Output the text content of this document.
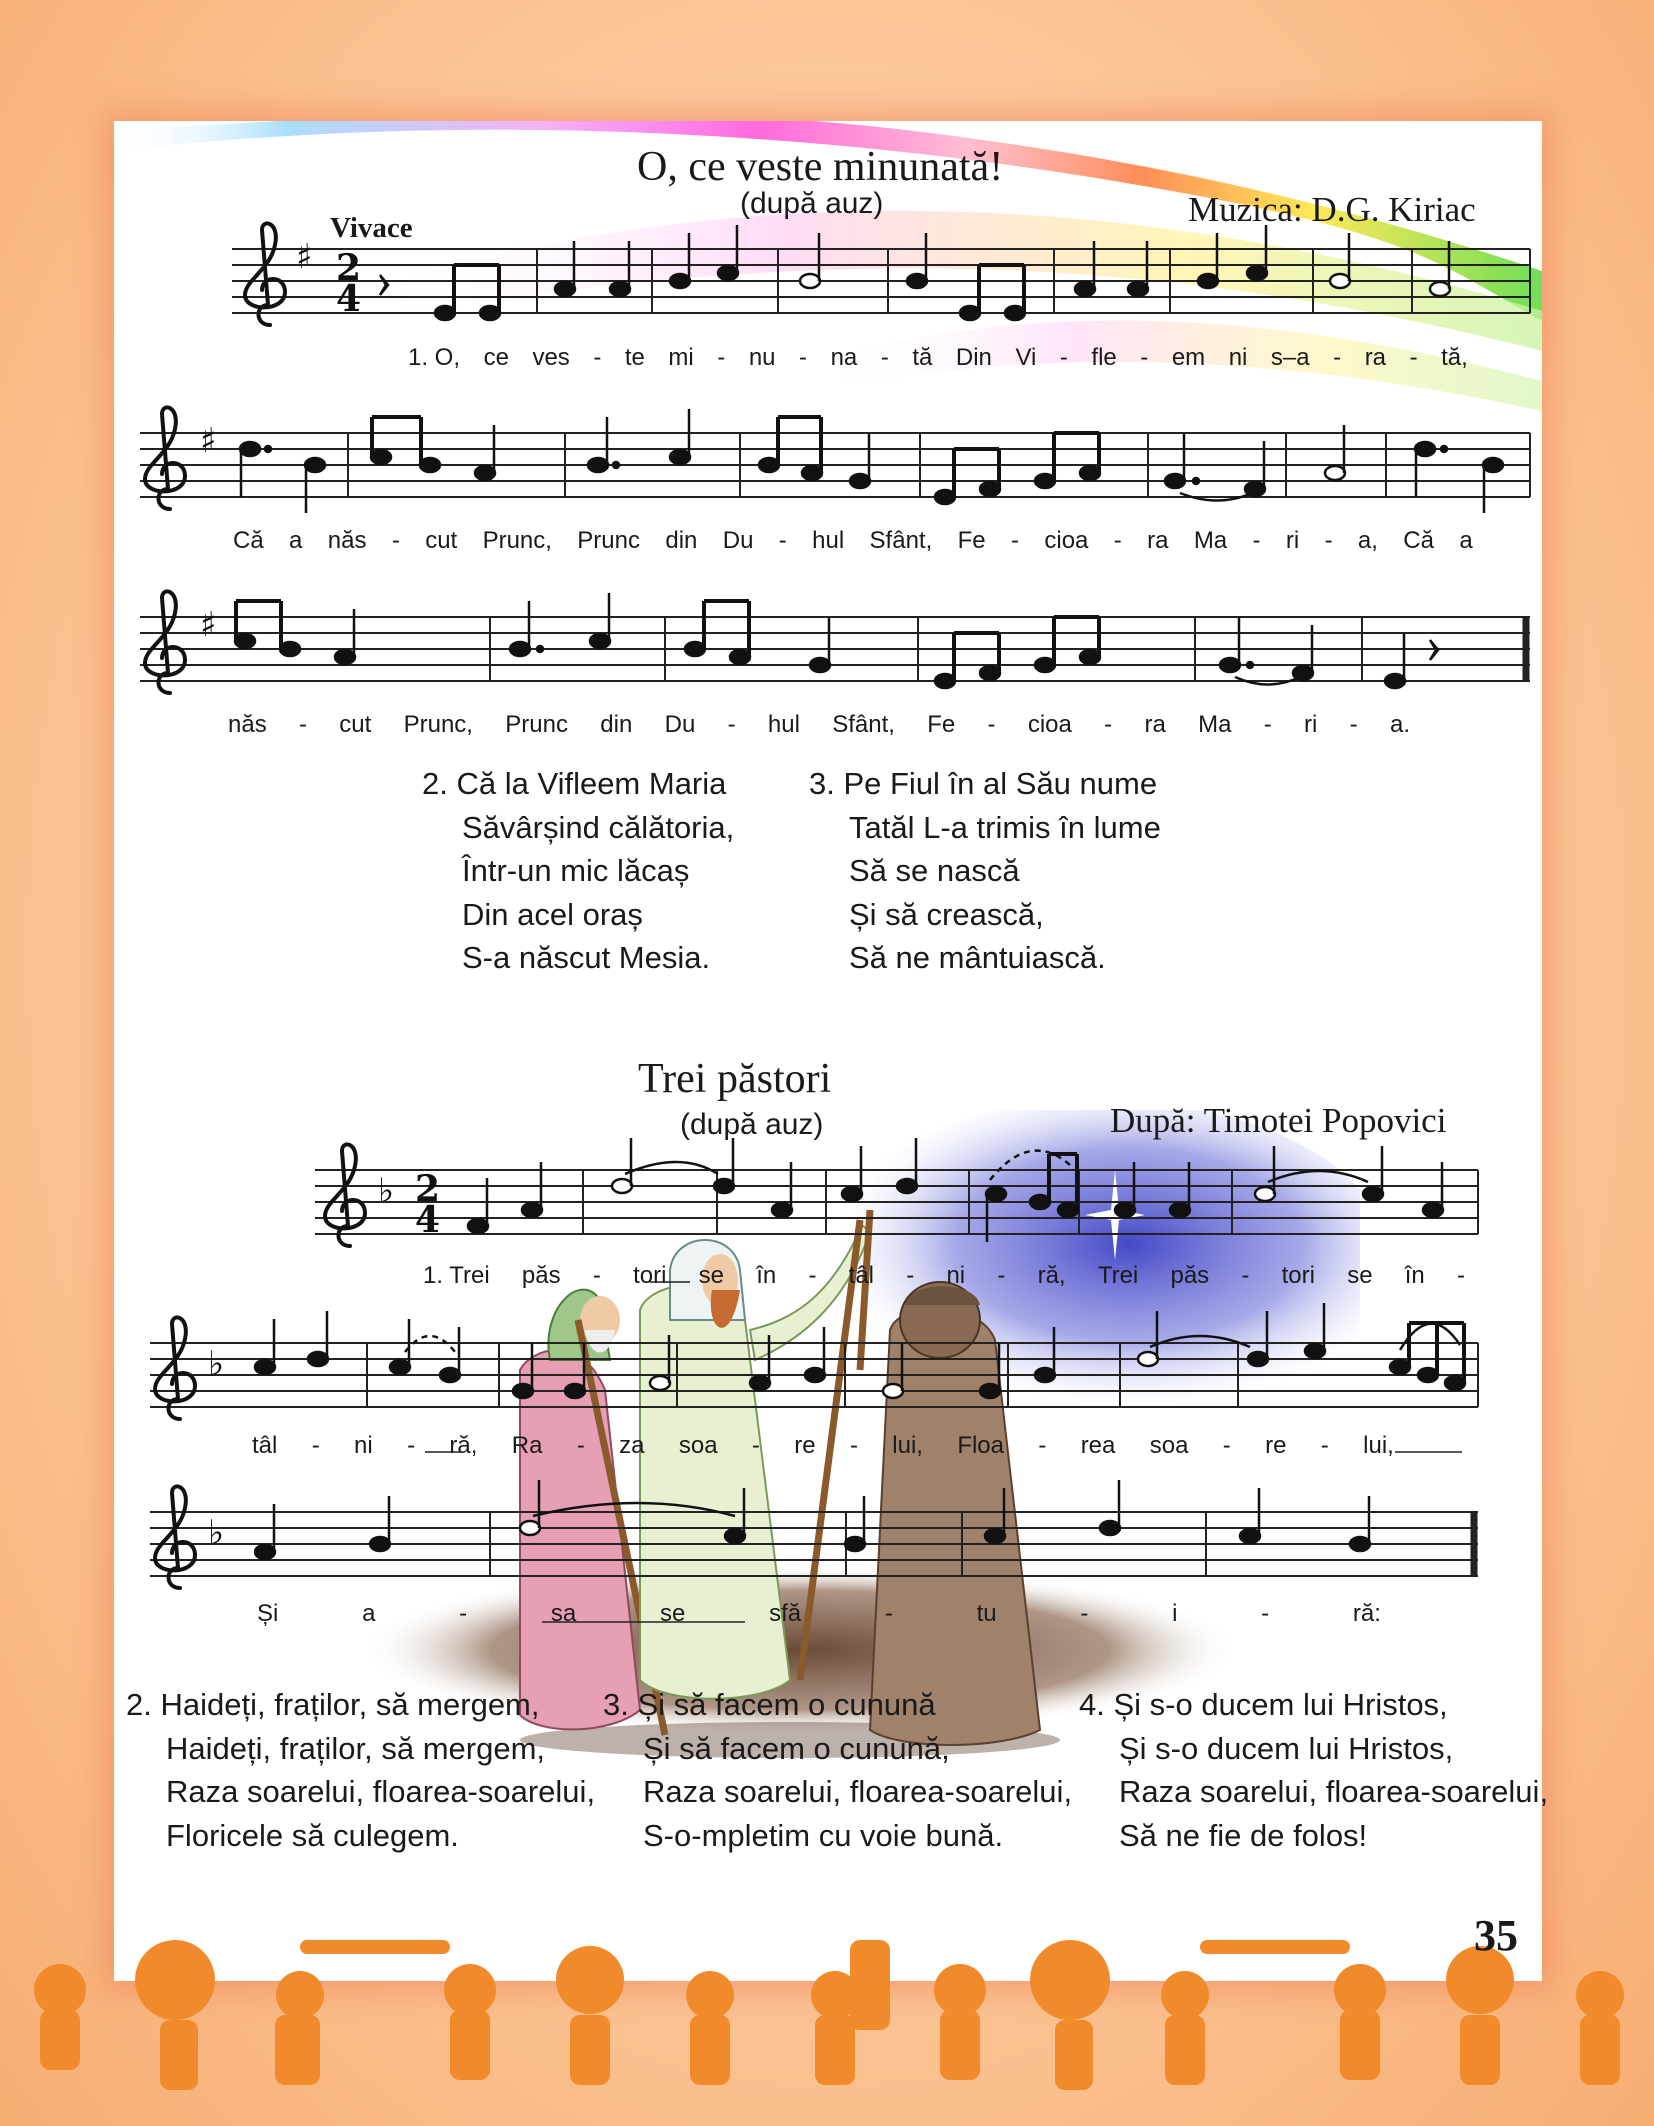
O, ce veste minunată!
(după auz)	Muzica: D.G. Kiriac
Vivace
♯
♯
♯
♭
♭
♭
2
4
2
4
1. O, ce ves - te mi - nu - na - tă Din Vi - fle - em ni s–a - ra - tă,
Că a năs - cut Prunc, Prunc din Du - hul Sfânt, Fe - cioa - ra Ma - ri - a, Că a
năs - cut Prunc, Prunc din Du - hul Sfânt, Fe - cioa - ra Ma - ri - a.
2. Că la Vifleem Maria
Săvârșind călătoria,
Într-un mic lăcaș
Din acel oraș
S-a născut Mesia.
3. Pe Fiul în al Său nume
Tatăl L-a trimis în lume
Să se nască
Și să crească,
Să ne mântuiască.
Trei păstori
(după auz)	După: Timotei Popovici
1. Trei păs - tori se în - tâl - ni - ră, Trei păs - tori se în -
tâl - ni - ră, Ra - za soa - re - lui, Floa - rea soa - re - lui,
Și	a	-	sa	se	sfă	-	tu	-	i	-	ră:
2. Haideți, fraților, să mergem,
Haideți, fraților, să mergem,
Raza soarelui, floarea-soarelui,
Floricele să culegem.
3. Și să facem o cunună
Și să facem o cunună,
Raza soarelui, floarea-soarelui,
S-o-mpletim cu voie bună.
4. Și s-o ducem lui Hristos,
Și s-o ducem lui Hristos,
Raza soarelui, floarea-soarelui,
Să ne fie de folos!
35
